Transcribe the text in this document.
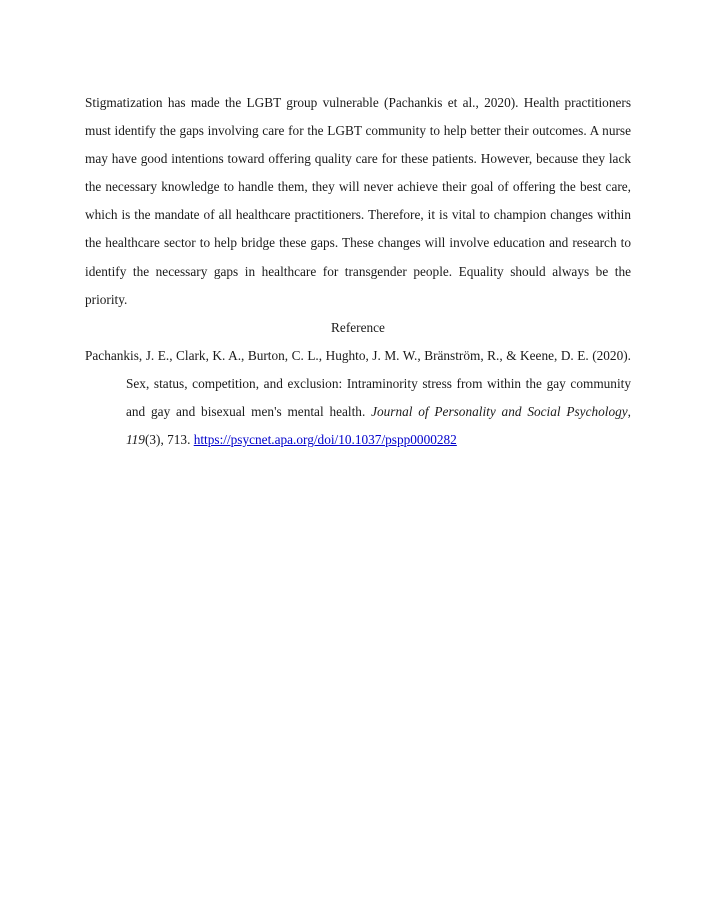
Stigmatization has made the LGBT group vulnerable (Pachankis et al., 2020). Health practitioners must identify the gaps involving care for the LGBT community to help better their outcomes. A nurse may have good intentions toward offering quality care for these patients. However, because they lack the necessary knowledge to handle them, they will never achieve their goal of offering the best care, which is the mandate of all healthcare practitioners. Therefore, it is vital to champion changes within the healthcare sector to help bridge these gaps. These changes will involve education and research to identify the necessary gaps in healthcare for transgender people. Equality should always be the priority.

Reference

Pachankis, J. E., Clark, K. A., Burton, C. L., Hughto, J. M. W., Bränström, R., & Keene, D. E. (2020). Sex, status, competition, and exclusion: Intraminority stress from within the gay community and gay and bisexual men's mental health. Journal of Personality and Social Psychology, 119(3), 713. https://psycnet.apa.org/doi/10.1037/pspp0000282
